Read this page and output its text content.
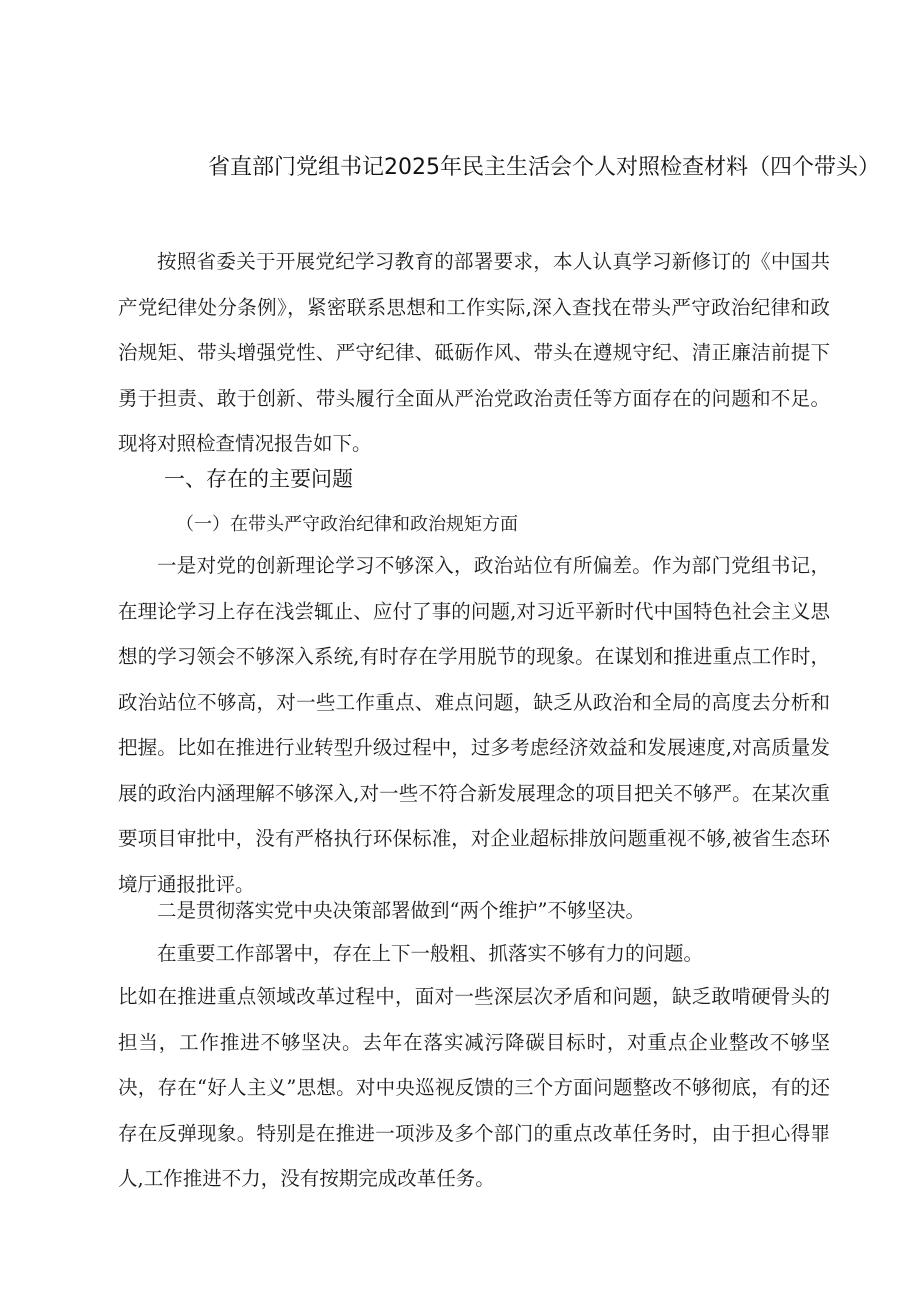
省直部门党组书记2025年民主生活会个人对照检查材料（四个带头）

按照省委关于开展党纪学习教育的部署要求，本人认真学习新修订的《中国共产党纪律处分条例》，紧密联系思想和工作实际,深入查找在带头严守政治纪律和政治规矩、带头增强党性、严守纪律、砥砺作风、带头在遵规守纪、清正廉洁前提下勇于担责、敢于创新、带头履行全面从严治党政治责任等方面存在的问题和不足。现将对照检查情况报告如下。

一、存在的主要问题
（一）在带头严守政治纪律和政治规矩方面

一是对党的创新理论学习不够深入，政治站位有所偏差。作为部门党组书记，在理论学习上存在浅尝辄止、应付了事的问题,对习近平新时代中国特色社会主义思想的学习领会不够深入系统,有时存在学用脱节的现象。在谋划和推进重点工作时，政治站位不够高，对一些工作重点、难点问题，缺乏从政治和全局的高度去分析和把握。比如在推进行业转型升级过程中，过多考虑经济效益和发展速度,对高质量发展的政治内涵理解不够深入,对一些不符合新发展理念的项目把关不够严。在某次重要项目审批中，没有严格执行环保标准，对企业超标排放问题重视不够,被省生态环境厅通报批评。

二是贯彻落实党中央决策部署做到“两个维护”不够坚决。

在重要工作部署中，存在上下一般粗、抓落实不够有力的问题。

比如在推进重点领域改革过程中，面对一些深层次矛盾和问题，缺乏敢啃硬骨头的担当，工作推进不够坚决。去年在落实减污降碳目标时，对重点企业整改不够坚决，存在“好人主义”思想。对中央巡视反馈的三个方面问题整改不够彻底，有的还存在反弹现象。特别是在推进一项涉及多个部门的重点改革任务时，由于担心得罪人,工作推进不力，没有按期完成改革任务。
